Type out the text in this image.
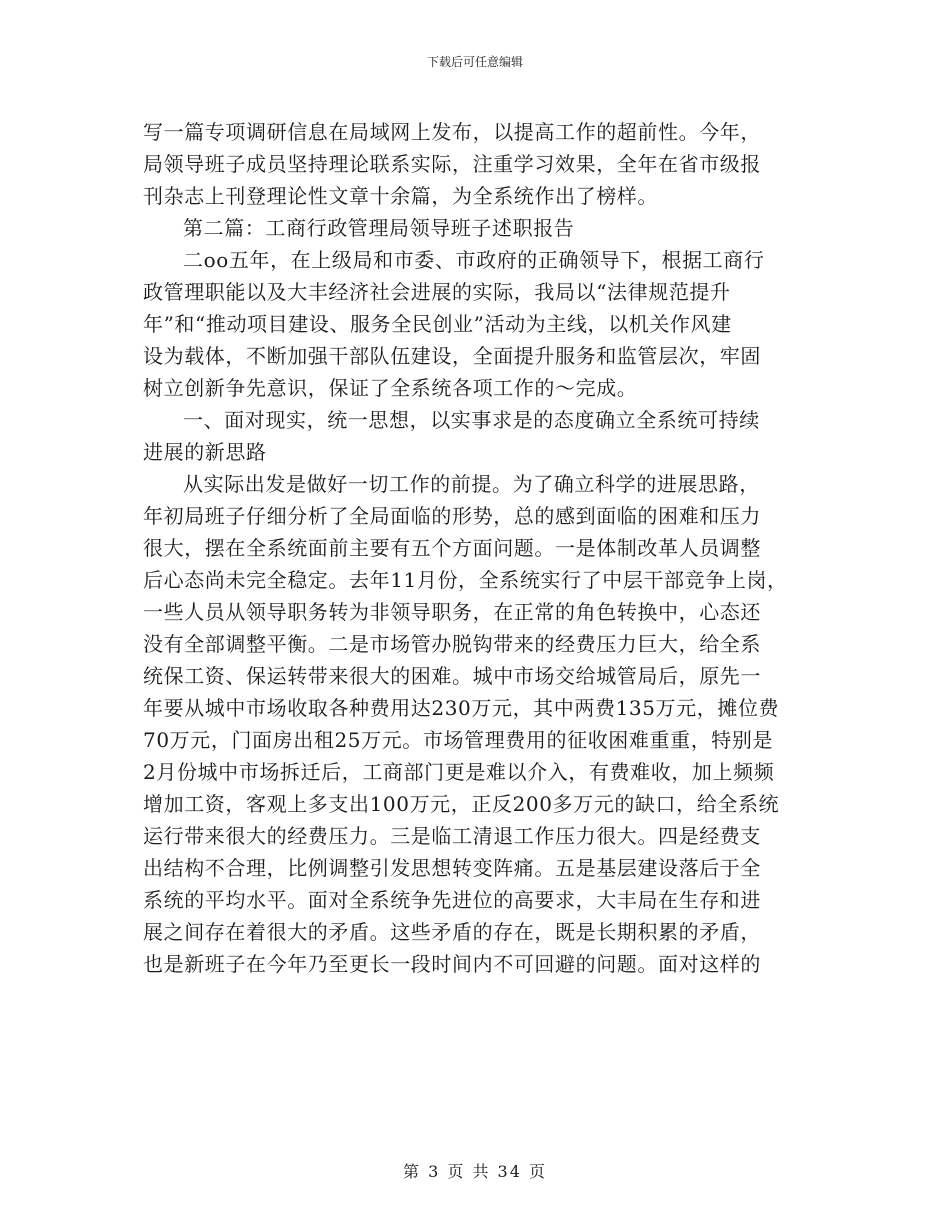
下载后可任意编辑
写一篇专项调研信息在局域网上发布，以提高工作的超前性。今年，
局领导班子成员坚持理论联系实际，注重学习效果，全年在省市级报
刊杂志上刊登理论性文章十余篇，为全系统作出了榜样。
第二篇：工商行政管理局领导班子述职报告
二oo五年，在上级局和市委、市政府的正确领导下，根据工商行
政管理职能以及大丰经济社会进展的实际，我局以“法律规范提升
年”和“推动项目建设、服务全民创业”活动为主线，以机关作风建
设为载体，不断加强干部队伍建设，全面提升服务和监管层次，牢固
树立创新争先意识，保证了全系统各项工作的～完成。
一、面对现实，统一思想，以实事求是的态度确立全系统可持续
进展的新思路
从实际出发是做好一切工作的前提。为了确立科学的进展思路，
年初局班子仔细分析了全局面临的形势，总的感到面临的困难和压力
很大，摆在全系统面前主要有五个方面问题。一是体制改革人员调整
后心态尚未完全稳定。去年11月份，全系统实行了中层干部竞争上岗，
一些人员从领导职务转为非领导职务，在正常的角色转换中，心态还
没有全部调整平衡。二是市场管办脱钩带来的经费压力巨大，给全系
统保工资、保运转带来很大的困难。城中市场交给城管局后，原先一
年要从城中市场收取各种费用达230万元，其中两费135万元，摊位费
70万元，门面房出租25万元。市场管理费用的征收困难重重，特别是
2月份城中市场拆迁后，工商部门更是难以介入，有费难收，加上频频
增加工资，客观上多支出100万元，正反200多万元的缺口，给全系统
运行带来很大的经费压力。三是临工清退工作压力很大。四是经费支
出结构不合理，比例调整引发思想转变阵痛。五是基层建设落后于全
系统的平均水平。面对全系统争先进位的高要求，大丰局在生存和进
展之间存在着很大的矛盾。这些矛盾的存在，既是长期积累的矛盾，
也是新班子在今年乃至更长一段时间内不可回避的问题。面对这样的
第 3 页 共 34 页
